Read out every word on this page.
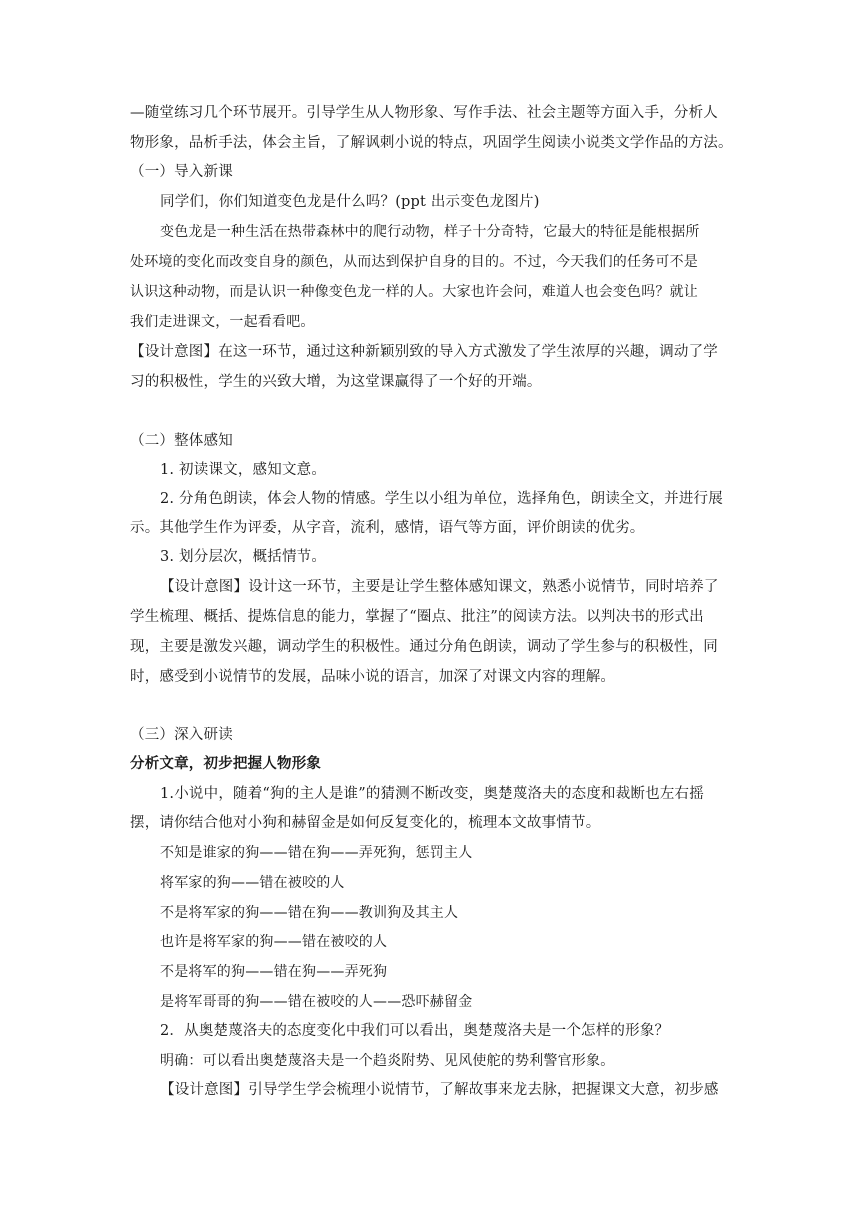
—随堂练习几个环节展开。引导学生从人物形象、写作手法、社会主题等方面入手，分析人
物形象，品析手法，体会主旨，了解讽刺小说的特点，巩固学生阅读小说类文学作品的方法。
（一）导入新课
同学们，你们知道变色龙是什么吗？(ppt 出示变色龙图片)
变色龙是一种生活在热带森林中的爬行动物，样子十分奇特，它最大的特征是能根据所
处环境的变化而改变自身的颜色，从而达到保护自身的目的。不过，今天我们的任务可不是
认识这种动物，而是认识一种像变色龙一样的人。大家也许会问，难道人也会变色吗？就让
我们走进课文，一起看看吧。
【设计意图】在这一环节，通过这种新颖别致的导入方式激发了学生浓厚的兴趣，调动了学
习的积极性，学生的兴致大增，为这堂课赢得了一个好的开端。
（二）整体感知
1. 初读课文，感知文意。
2. 分角色朗读，体会人物的情感。学生以小组为单位，选择角色，朗读全文，并进行展
示。其他学生作为评委，从字音，流利，感情，语气等方面，评价朗读的优劣。
3. 划分层次，概括情节。
【设计意图】设计这一环节，主要是让学生整体感知课文，熟悉小说情节，同时培养了
学生梳理、概括、提炼信息的能力，掌握了“圈点、批注”的阅读方法。以判决书的形式出
现，主要是激发兴趣，调动学生的积极性。通过分角色朗读，调动了学生参与的积极性，同
时，感受到小说情节的发展，品味小说的语言，加深了对课文内容的理解。
（三）深入研读
分析文章，初步把握人物形象
1.小说中，随着“狗的主人是谁”的猜测不断改变，奥楚蔑洛夫的态度和裁断也左右摇
摆，请你结合他对小狗和赫留金是如何反复变化的，梳理本文故事情节。
不知是谁家的狗——错在狗——弄死狗，惩罚主人
将军家的狗——错在被咬的人
不是将军家的狗——错在狗——教训狗及其主人
也许是将军家的狗——错在被咬的人
不是将军的狗——错在狗——弄死狗
是将军哥哥的狗——错在被咬的人——恐吓赫留金
2．从奥楚蔑洛夫的态度变化中我们可以看出，奥楚蔑洛夫是一个怎样的形象？
明确：可以看出奥楚蔑洛夫是一个趋炎附势、见风使舵的势利警官形象。
【设计意图】引导学生学会梳理小说情节，了解故事来龙去脉，把握课文大意，初步感
